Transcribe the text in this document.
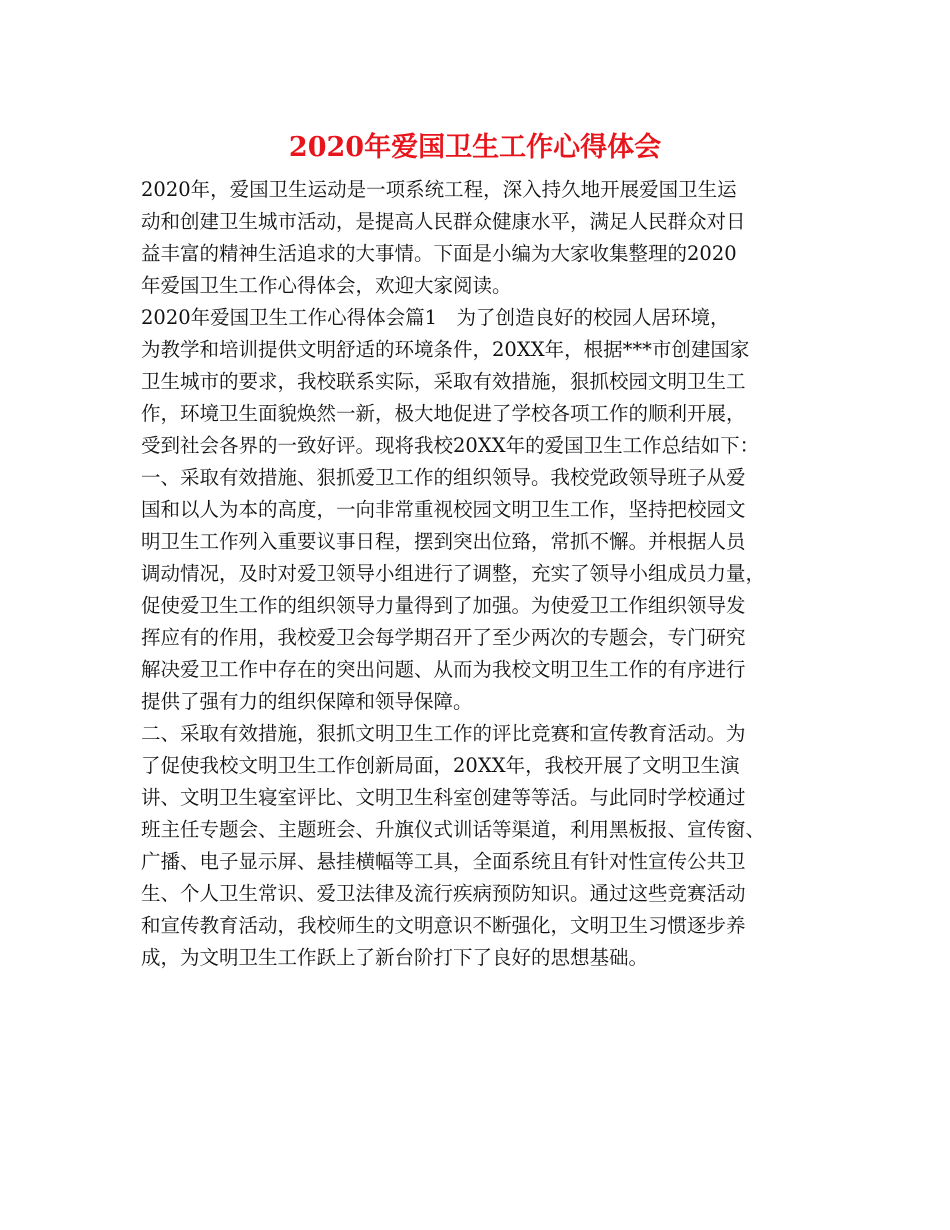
2020年爱国卫生工作心得体会
2020年，爱国卫生运动是一项系统工程，深入持久地开展爱国卫生运
动和创建卫生城市活动，是提高人民群众健康水平，满足人民群众对日
益丰富的精神生活追求的大事情。下面是小编为大家收集整理的2020
年爱国卫生工作心得体会，欢迎大家阅读。
2020年爱国卫生工作心得体会篇1　为了创造良好的校园人居环境，
为教学和培训提供文明舒适的环境条件，20XX年，根据***市创建国家
卫生城市的要求，我校联系实际，采取有效措施，狠抓校园文明卫生工
作，环境卫生面貌焕然一新，极大地促进了学校各项工作的顺利开展，
受到社会各界的一致好评。现将我校20XX年的爱国卫生工作总结如下：
一、采取有效措施、狠抓爱卫工作的组织领导。我校党政领导班子从爱
国和以人为本的高度，一向非常重视校园文明卫生工作，坚持把校园文
明卫生工作列入重要议事日程，摆到突出位臵，常抓不懈。并根据人员
调动情况，及时对爱卫领导小组进行了调整，充实了领导小组成员力量，
促使爱卫生工作的组织领导力量得到了加强。为使爱卫工作组织领导发
挥应有的作用，我校爱卫会每学期召开了至少两次的专题会，专门研究
解决爱卫工作中存在的突出问题、从而为我校文明卫生工作的有序进行
提供了强有力的组织保障和领导保障。
二、采取有效措施，狠抓文明卫生工作的评比竞赛和宣传教育活动。为
了促使我校文明卫生工作创新局面，20XX年，我校开展了文明卫生演
讲、文明卫生寝室评比、文明卫生科室创建等等活。与此同时学校通过
班主任专题会、主题班会、升旗仪式训话等渠道，利用黑板报、宣传窗、
广播、电子显示屏、悬挂横幅等工具，全面系统且有针对性宣传公共卫
生、个人卫生常识、爱卫法律及流行疾病预防知识。通过这些竞赛活动
和宣传教育活动，我校师生的文明意识不断强化，文明卫生习惯逐步养
成，为文明卫生工作跃上了新台阶打下了良好的思想基础。
